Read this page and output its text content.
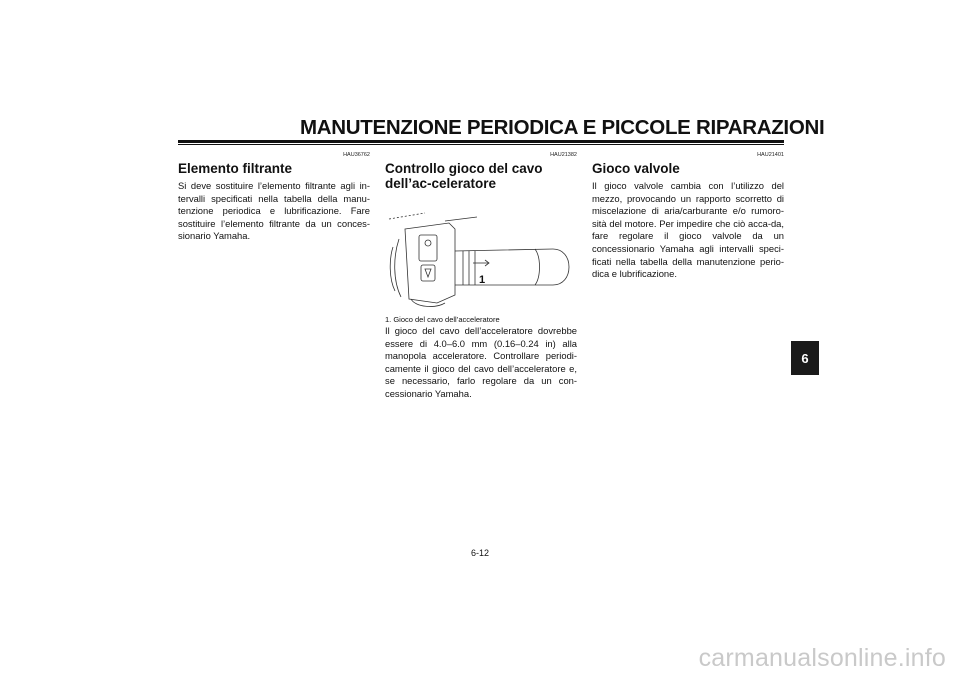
MANUTENZIONE PERIODICA E PICCOLE RIPARAZIONI
HAU36762
Elemento filtrante

Si deve sostituire l’elemento filtrante agli in-tervalli specificati nella tabella della manu-tenzione periodica e lubrificazione. Fare sostituire l’elemento filtrante da un conces-sionario Yamaha.

HAU21382
Controllo gioco del cavo dell’ac-celeratore
1
1. Gioco del cavo dell’acceleratore

Il gioco del cavo dell’acceleratore dovrebbe essere di 4.0–6.0 mm (0.16–0.24 in) alla manopola acceleratore. Controllare periodi-camente il gioco del cavo dell’acceleratore e, se necessario, farlo regolare da un con-cessionario Yamaha.

HAU21401
Gioco valvole

Il gioco valvole cambia con l’utilizzo del mezzo, provocando un rapporto scorretto di miscelazione di aria/carburante e/o rumoro-sità del motore. Per impedire che ciò acca-da, fare regolare il gioco valvole da un concessionario Yamaha agli intervalli speci-ficati nella tabella della manutenzione perio-dica e lubrificazione.

6
6-12
carmanualsonline.info
